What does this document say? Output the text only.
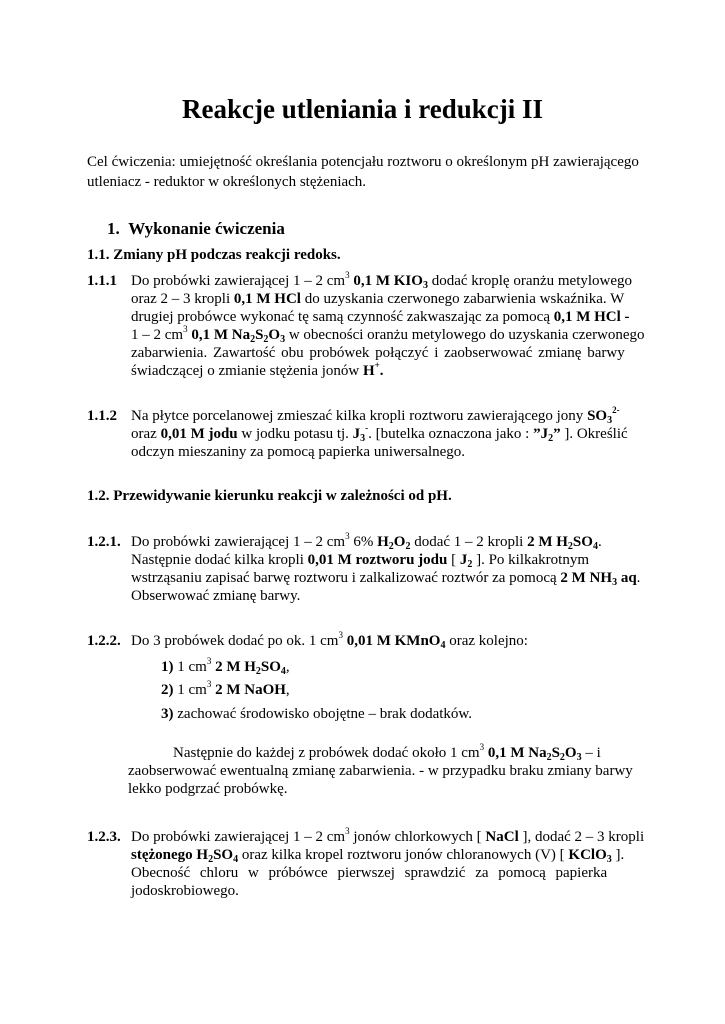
Reakcje utleniania i redukcji II
Cel ćwiczenia: umiejętność określania potencjału roztworu o określonym pH zawierającego
utleniacz - reduktor w określonych stężeniach.
1. Wykonanie ćwiczenia
1.1. Zmiany pH podczas reakcji redoks.
1.1.1 Do probówki zawierającej 1 – 2 $cm^3$ 0,1 M $KIO_3$ dodać kroplę oranżu metylowego
oraz 2 – 3 kropli 0,1 M HCl do uzyskania czerwonego zabarwienia wskaźnika. W
drugiej probówce wykonać tę samą czynność zakwaszając za pomocą 0,1 M HCl -
1 – 2 $cm^3$ 0,1 M $Na_2S_2O_3$ w obecności oranżu metylowego do uzyskania czerwonego
zabarwienia. Zawartość obu probówek połączyć i zaobserwować zmianę barwy
świadczącej o zmianie stężenia jonów H+.
1.1.2 Na płytce porcelanowej zmieszać kilka kropli roztworu zawierającego jony $SO_3^{2-}$
oraz 0,01 M jodu w jodku potasu tj. $J_3^-$. [butelka oznaczona jako : $”J_2$” ]. Określić
odczyn mieszaniny za pomocą papierka uniwersalnego.
1.2. Przewidywanie kierunku reakcji w zależności od pH.
1.2.1. Do probówki zawierającej 1 – 2 $cm^3$ 6% $H_2O_2$ dodać 1 – 2 kropli 2 M $H_2SO_4$.
Następnie dodać kilka kropli 0,01 M roztworu jodu [ $J_2$ ]. Po kilkakrotnym
wstrząsaniu zapisać barwę roztworu i zalkalizować roztwór za pomocą 2 M $NH_3$ aq.
Obserwować zmianę barwy.
1.2.2. Do 3 probówek dodać po ok. 1 $cm^3$ 0,01 M KMnO$_4$ oraz kolejno:
1) 1 $cm^3$ 2 M $H_2SO_4$,
2) 1 $cm^3$ 2 M NaOH,
3) zachować środowisko obojętne – brak dodatków.
Następnie do każdej z probówek dodać około 1 $cm^3$ 0,1 M $Na_2S_2O_3$ – i
zaobserwować ewentualną zmianę zabarwienia. - w przypadku braku zmiany barwy
lekko podgrzać probówkę.
1.2.3. Do probówki zawierającej 1 – 2 $cm^3$ jonów chlorkowych [ NaCl ], dodać 2 – 3 kropli
stężonego $H_2SO_4$ oraz kilka kropel roztworu jonów chloranowych (V) [ KClO$_3$ ].
Obecność chloru w próbówce pierwszej sprawdzić za pomocą papierka
jodoskrobiowego.
